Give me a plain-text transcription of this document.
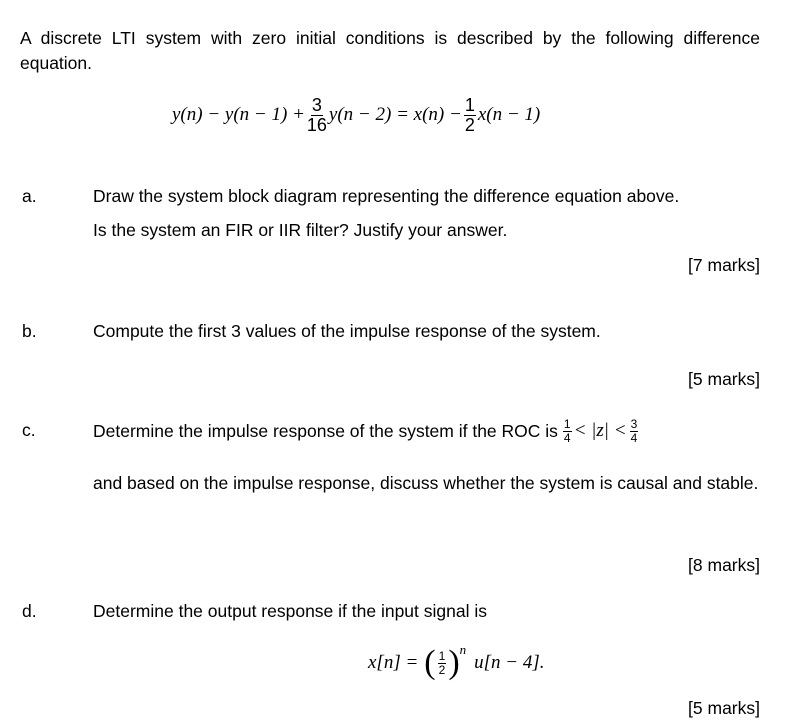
A discrete LTI system with zero initial conditions is described by the following difference equation.
$y(n) - y(n - 1) + \frac{3}{16} y(n - 2) = x(n) - \frac{1}{2} x(n - 1)$
a.	Draw the system block diagram representing the difference equation above.
Is the system an FIR or IIR filter? Justify your answer.
[7 marks]
b.	Compute the first 3 values of the impulse response of the system.
[5 marks]
c.	Determine the impulse response of the system if the ROC is $\frac{1}{4} < |z| < \frac{3}{4}$
and based on the impulse response, discuss whether the system is causal and stable.
[8 marks]
d.	Determine the output response if the input signal is
x[n] = ( $\frac{1}{2}$ ) n
u[n − 4].
[5 marks]
